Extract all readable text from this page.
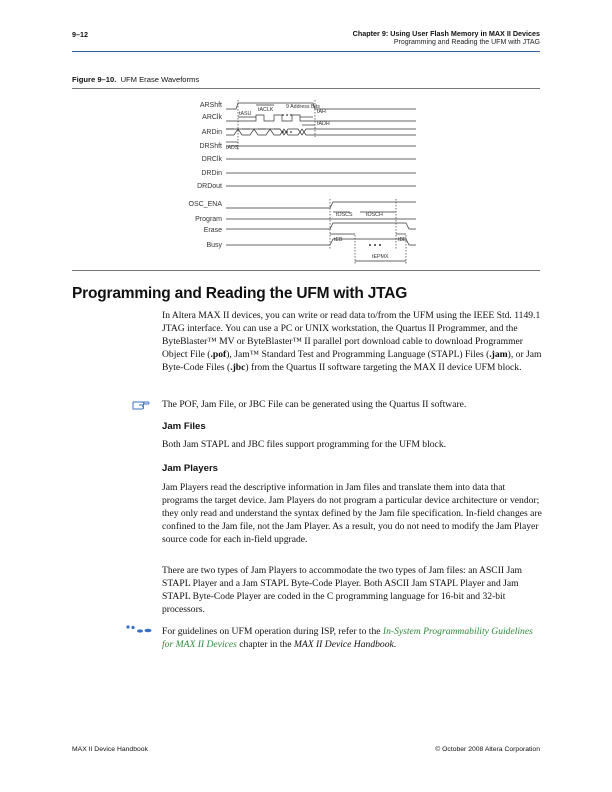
9–12	Chapter 9: Using User Flash Memory in MAX II Devices
Programming and Reading the UFM with JTAG
Figure 9–10. UFM Erase Waveforms
ARShft
ARClk
ARDin
DRShft
DRClk
DRDin
DRDout
OSC_ENA
Program
Erase
Busy
tASU
tACLK 9 Address Bits
tAH
tADH
tADS
tOSCS	tOSCH
tEB	tBE
tEPMX
Programming and Reading the UFM with JTAG
In Altera MAX II devices, you can write or read data to/from the UFM using the IEEE Std. 1149.1 JTAG interface. You can use a PC or UNIX workstation, the Quartus II Programmer, and the ByteBlaster™ MV or ByteBlaster™ II parallel port download cable to download Programmer Object File (.pof), Jam™ Standard Test and Programming Language (STAPL) Files (.jam), or Jam Byte-Code Files (.jbc) from the Quartus II software targeting the MAX II device UFM block.
The POF, Jam File, or JBC File can be generated using the Quartus II software.
Jam Files
Both Jam STAPL and JBC files support programming for the UFM block.
Jam Players
Jam Players read the descriptive information in Jam files and translate them into data that programs the target device. Jam Players do not program a particular device architecture or vendor; they only read and understand the syntax defined by the Jam file specification. In-field changes are confined to the Jam file, not the Jam Player. As a result, you do not need to modify the Jam Player source code for each in-field upgrade.
There are two types of Jam Players to accommodate the two types of Jam files: an ASCII Jam STAPL Player and a Jam STAPL Byte-Code Player. Both ASCII Jam STAPL Player and Jam STAPL Byte-Code Player are coded in the C programming language for 16-bit and 32-bit processors.
For guidelines on UFM operation during ISP, refer to the In-System Programmability Guidelines for MAX II Devices chapter in the MAX II Device Handbook.
MAX II Device Handbook	© October 2008 Altera Corporation
